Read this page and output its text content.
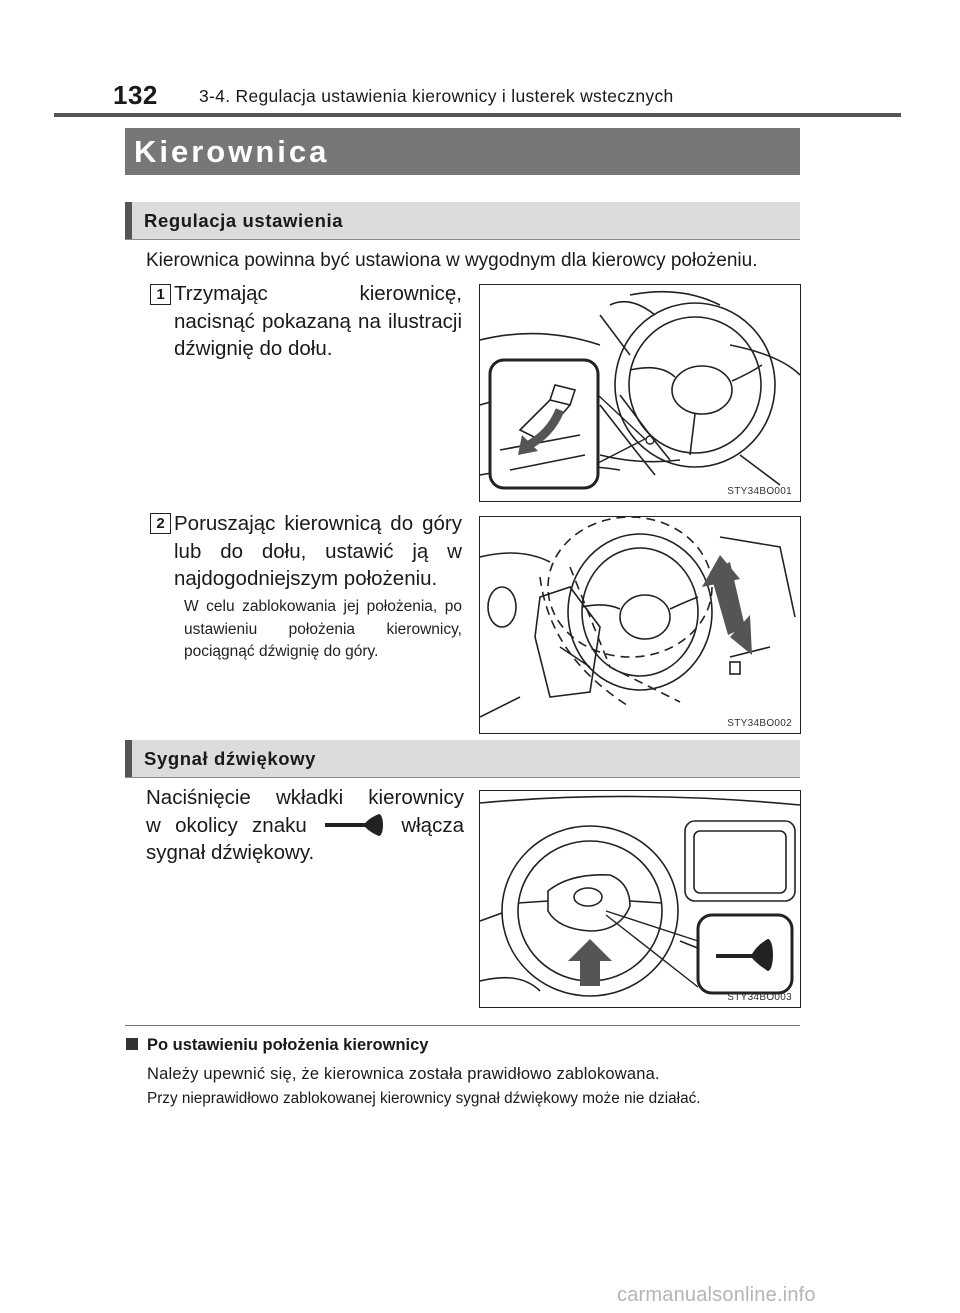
132 3-4. Regulacja ustawienia kierownicy i lusterek wstecznych
Kierownica
Regulacja ustawienia
Kierownica powinna być ustawiona w wygodnym dla kierowcy położeniu.
1 Trzymając kierownicę, nacisnąć pokazaną na ilustracji dźwignię do dołu.
STY34BO001
2 Poruszając kierownicą do góry lub do dołu, ustawić ją w najdogodniejszym położeniu.
W celu zablokowania jej położenia, po ustawieniu położenia kierownicy, pociągnąć dźwignię do góry.
STY34BO002
Sygnał dźwiękowy
Naciśnięcie wkładki kierownicy
w okolicy znaku	włącza
sygnał dźwiękowy.
STY34BO003
Po ustawieniu położenia kierownicy
Należy upewnić się, że kierownica została prawidłowo zablokowana.
Przy nieprawidłowo zablokowanej kierownicy sygnał dźwiękowy może nie działać.
carmanualsonline.info
